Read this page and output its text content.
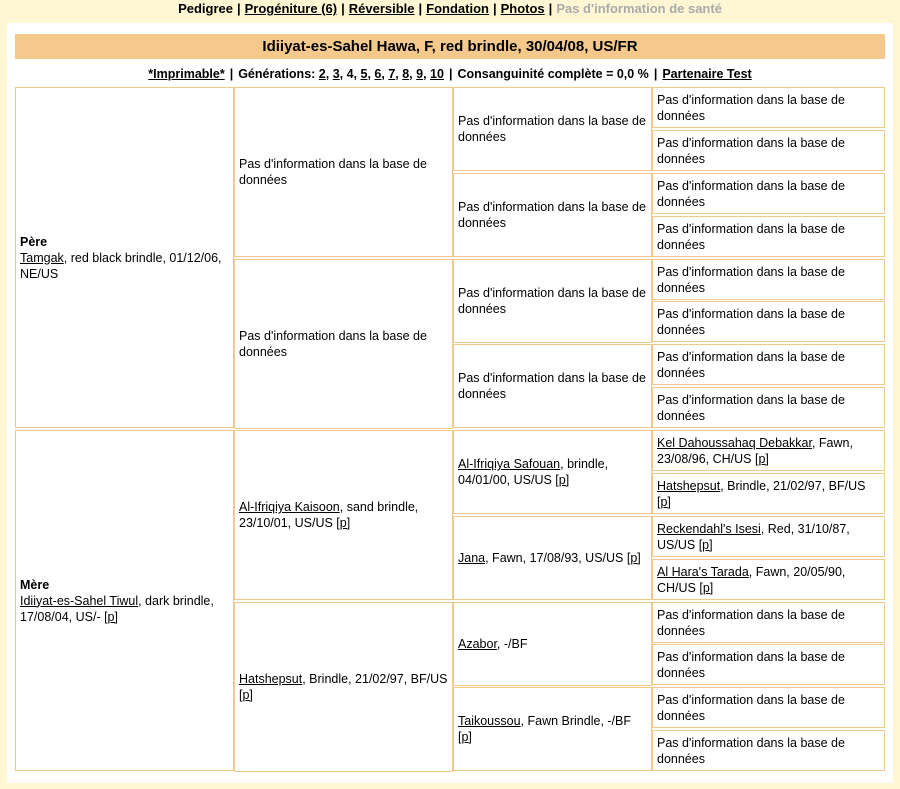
Pedigree | Progéniture (6) | Réversible | Fondation | Photos | Pas d'information de santé
Idiiyat-es-Sahel Hawa, F, red brindle, 30/04/08, US/FR
*Imprimable* | Générations: 2, 3, 4, 5, 6, 7, 8, 9, 10 | Consanguinité complète = 0,0 % | Partenaire Test
Père
Tamgak, red black brindle, 01/12/06, NE/US
Mère
Idiiyat-es-Sahel Tiwul, dark brindle, 17/08/04, US/- [p]
Pas d'information dans la base de données
Pas d'information dans la base de données
Al-Ifriqiya Kaisoon, sand brindle, 23/10/01, US/US [p]
Hatshepsut, Brindle, 21/02/97, BF/US [p]
Pas d'information dans la base de données
Pas d'information dans la base de données
Pas d'information dans la base de données
Pas d'information dans la base de données
Al-Ifriqiya Safouan, brindle, 04/01/00, US/US [p]
Jana, Fawn, 17/08/93, US/US [p]
Azabor, -/BF
Taikoussou, Fawn Brindle, -/BF [p]
Pas d'information dans la base de données
Pas d'information dans la base de données
Pas d'information dans la base de données
Pas d'information dans la base de données
Pas d'information dans la base de données
Pas d'information dans la base de données
Pas d'information dans la base de données
Pas d'information dans la base de données
Kel Dahoussahaq Debakkar, Fawn, 23/08/96, CH/US [p]
Hatshepsut, Brindle, 21/02/97, BF/US [p]
Reckendahl's Isesi, Red, 31/10/87, US/US [p]
Al Hara's Tarada, Fawn, 20/05/90, CH/US [p]
Pas d'information dans la base de données
Pas d'information dans la base de données
Pas d'information dans la base de données
Pas d'information dans la base de données
